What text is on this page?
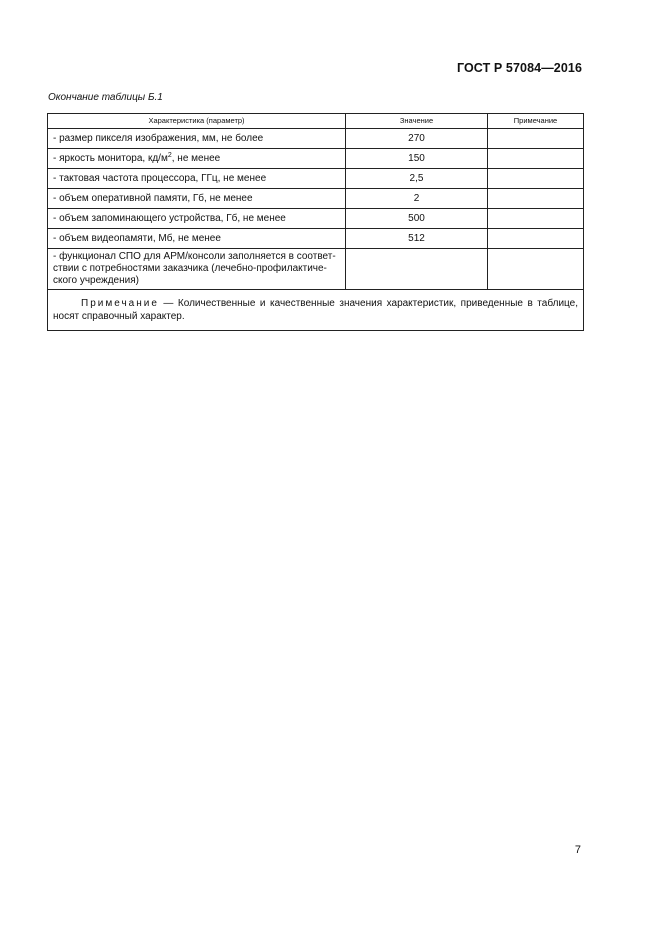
ГОСТ Р 57084—2016
Окончание таблицы Б.1
Характеристика (параметр)	Значение	Примечание
- размер пикселя изображения, мм, не более	270	
- яркость монитора, $кд/м^2$, не менее	150	
- тактовая частота процессора, ГГц, не менее	2,5	
- объем оперативной памяти, Гб, не менее	2	
- объем запоминающего устройства, Гб, не менее	500	
- объем видеопамяти, Мб, не менее	512	

- функционал СПО для АРМ/консоли заполняется в соответ-
ствии с потребностями заказчика (лечебно-профилактиче-
ского учреждения)		

Примечание — Количественные и качественные значения характеристик, приведенные в таблице, носят справочный характер.		
7
